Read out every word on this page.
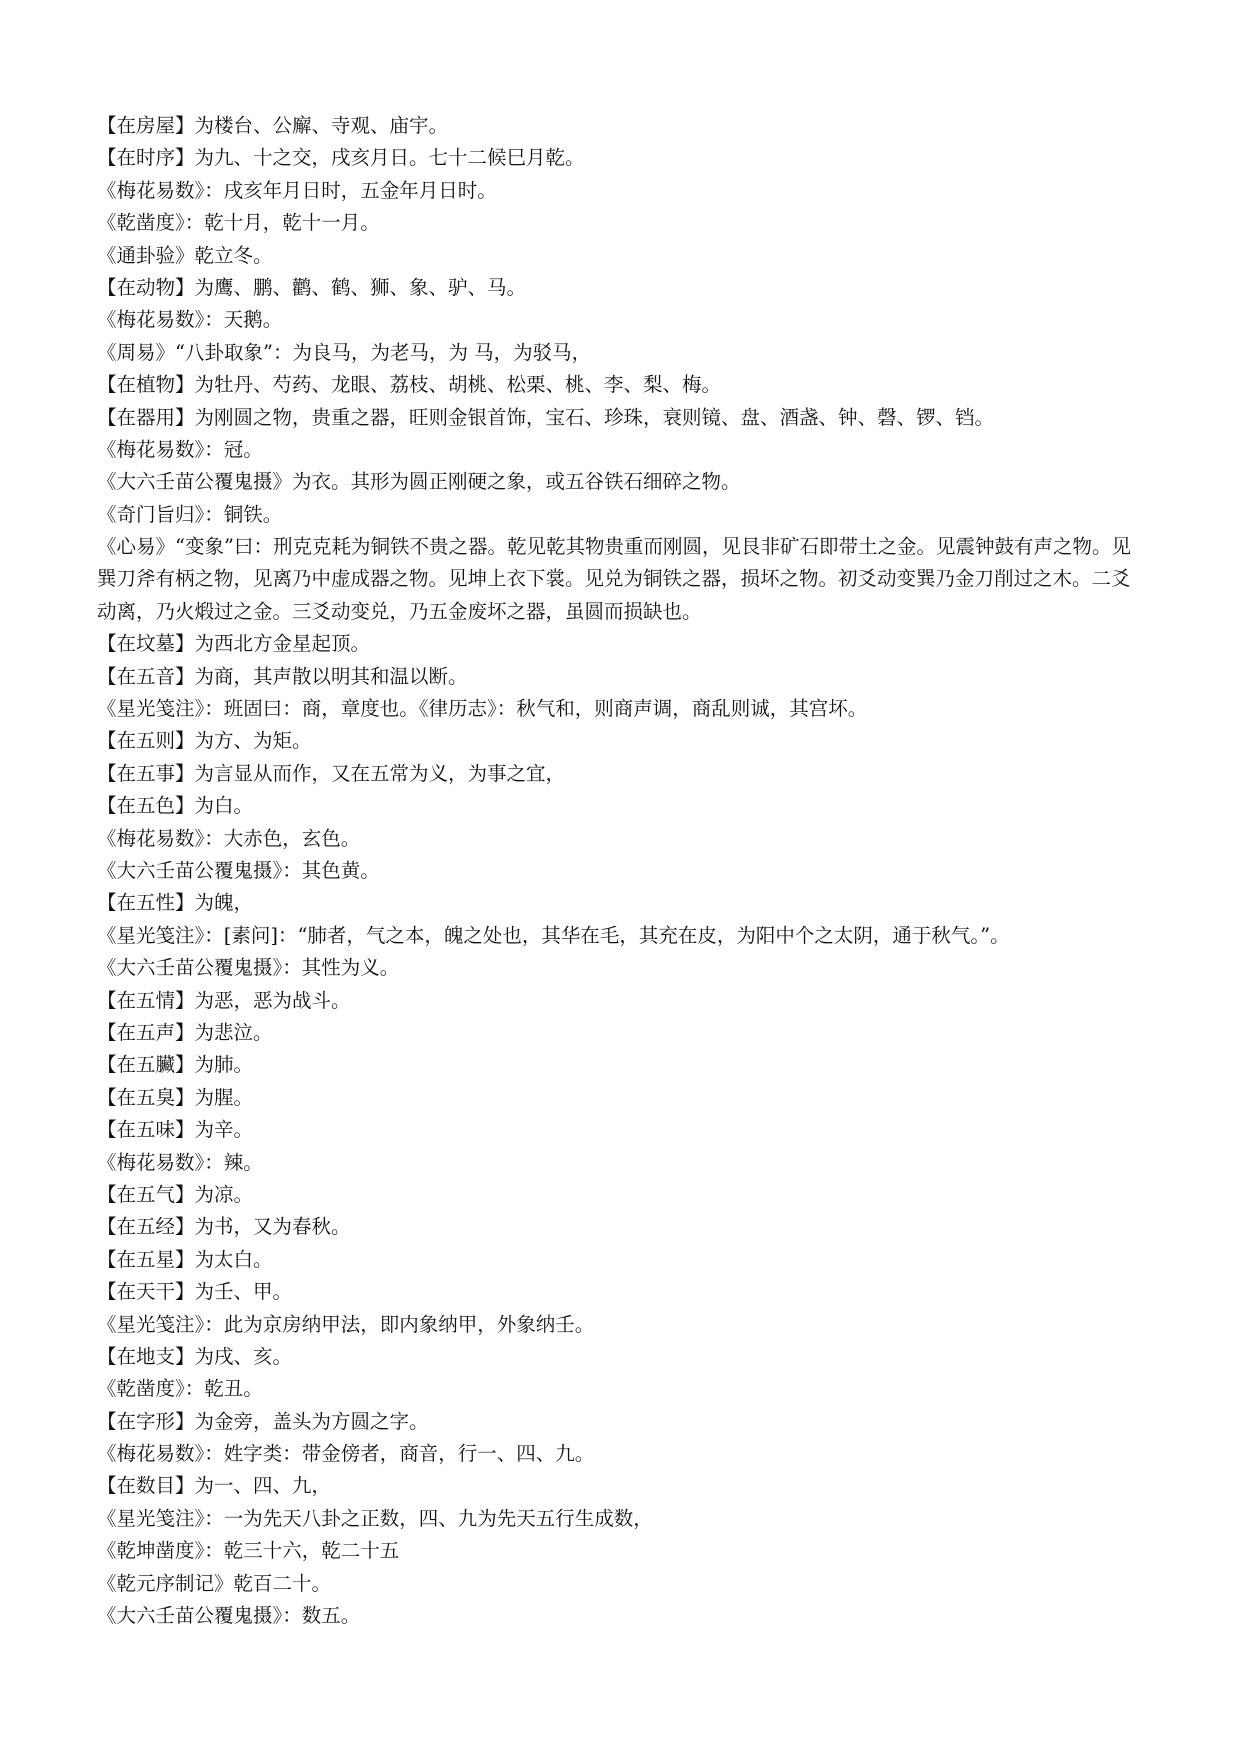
【在房屋】为楼台、公廨、寺观、庙宇。
【在时序】为九、十之交，戌亥月日。七十二候巳月乾。
《梅花易数》：戌亥年月日时，五金年月日时。
《乾凿度》：乾十月，乾十一月。
《通卦验》乾立冬。
【在动物】为鹰、鹏、鹳、鹤、狮、象、驴、马。
《梅花易数》：天鹅。
《周易》“八卦取象”：为良马，为老马，为 马，为驳马，
【在植物】为牡丹、芍药、龙眼、荔枝、胡桃、松栗、桃、李、梨、梅。
【在器用】为刚圆之物，贵重之器，旺则金银首饰，宝石、珍珠，衰则镜、盘、酒盏、钟、磬、锣、铛。
《梅花易数》：冠。
《大六壬苗公覆鬼摄》为衣。其形为圆正刚硬之象，或五谷铁石细碎之物。
《奇门旨归》：铜铁。
《心易》“变象”曰：刑克克耗为铜铁不贵之器。乾见乾其物贵重而刚圆，见艮非矿石即带土之金。见震钟鼓有声之物。见巽刀斧有柄之物，见离乃中虚成器之物。见坤上衣下裳。见兑为铜铁之器，损坏之物。初爻动变巽乃金刀削过之木。二爻动离，乃火煅过之金。三爻动变兑，乃五金废坏之器，虽圆而损缺也。
【在坟墓】为西北方金星起顶。
【在五音】为商，其声散以明其和温以断。
《星光笺注》：班固曰：商，章度也。《律历志》：秋气和，则商声调，商乱则诚，其宫坏。
【在五则】为方、为矩。
【在五事】为言显从而作，又在五常为义，为事之宜，
【在五色】为白。
《梅花易数》：大赤色，玄色。
《大六壬苗公覆鬼摄》：其色黄。
【在五性】为魄，
《星光笺注》：[素问]：“肺者，气之本，魄之处也，其华在毛，其充在皮，为阳中个之太阴，通于秋气。”。
《大六壬苗公覆鬼摄》：其性为义。
【在五情】为恶，恶为战斗。
【在五声】为悲泣。
【在五臟】为肺。
【在五臭】为腥。
【在五味】为辛。
《梅花易数》：辣。
【在五气】为凉。
【在五经】为书，又为春秋。
【在五星】为太白。
【在天干】为壬、甲。
《星光笺注》：此为京房纳甲法，即内象纳甲，外象纳壬。
【在地支】为戌、亥。
《乾凿度》：乾丑。
【在字形】为金旁，盖头为方圆之字。
《梅花易数》：姓字类：带金傍者，商音，行一、四、九。
【在数目】为一、四、九，
《星光笺注》：一为先天八卦之正数，四、九为先天五行生成数，
《乾坤凿度》：乾三十六，乾二十五
《乾元序制记》乾百二十。
《大六壬苗公覆鬼摄》：数五。
